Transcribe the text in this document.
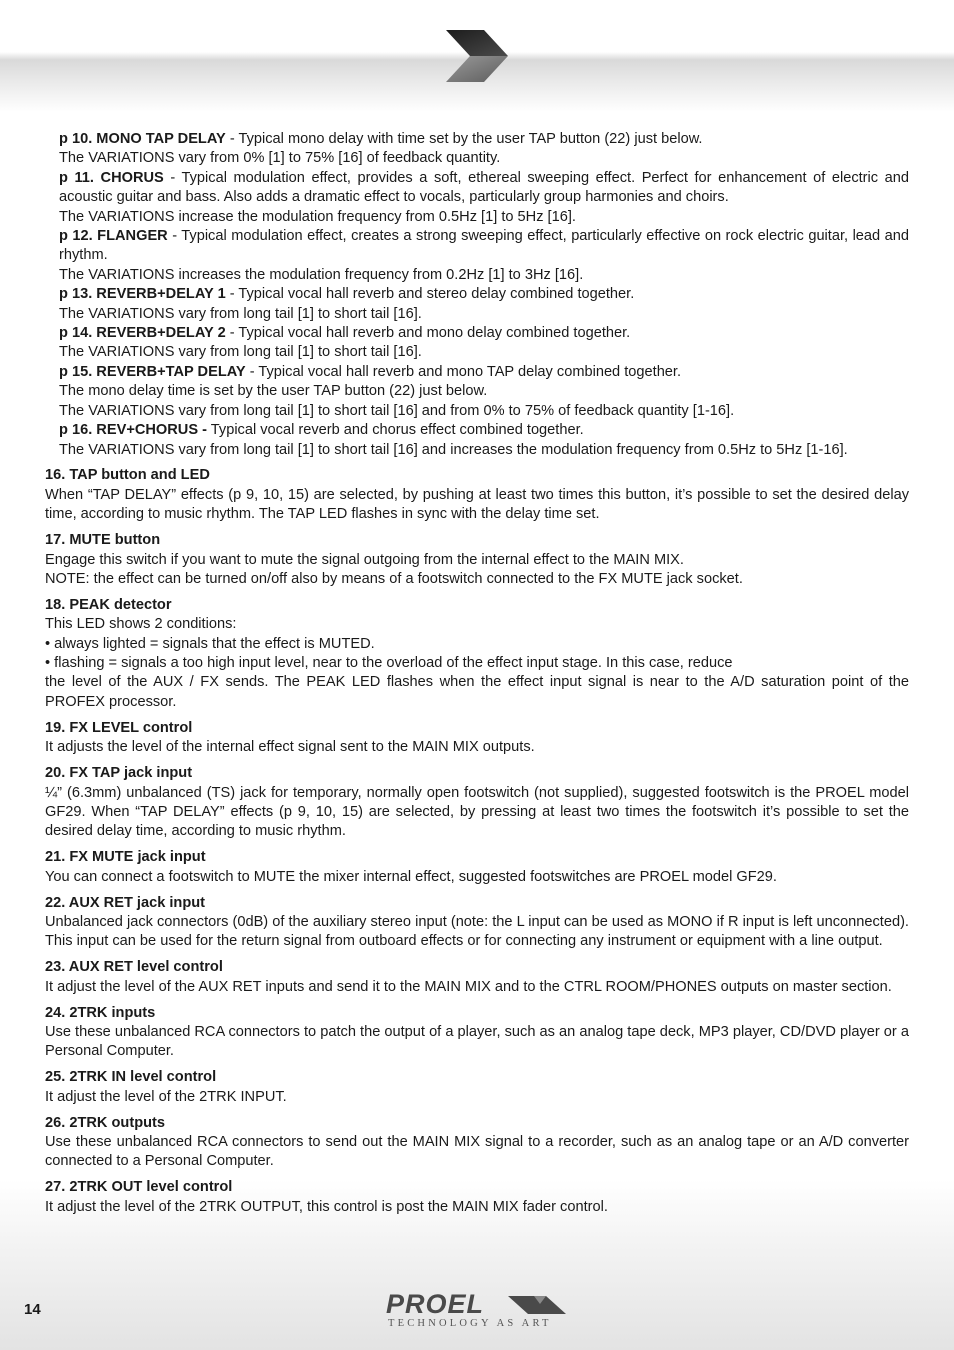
p 10. MONO TAP DELAY - Typical mono delay with time set by the user TAP button (22) just below.

The VARIATIONS vary from 0% [1] to 75% [16] of feedback quantity.

p 11. CHORUS - Typical modulation effect, provides a soft, ethereal sweeping effect. Perfect for enhancement of electric and acoustic guitar and bass. Also adds a dramatic effect to vocals, particularly group harmonies and choirs.

The VARIATIONS increase the modulation frequency from 0.5Hz [1] to 5Hz [16].

p 12. FLANGER - Typical modulation effect, creates a strong sweeping effect, particularly effective on rock electric guitar, lead and rhythm.

The VARIATIONS increases the modulation frequency from 0.2Hz [1] to 3Hz [16].

p 13. REVERB+DELAY 1 - Typical vocal hall reverb and stereo delay combined together.

The VARIATIONS vary from long tail [1] to short tail [16].

p 14. REVERB+DELAY 2 - Typical vocal hall reverb and mono delay combined together.

The VARIATIONS vary from long tail [1] to short tail [16].

p 15. REVERB+TAP DELAY - Typical vocal hall reverb and mono TAP delay combined together.

The mono delay time is set by the user TAP button (22) just below.

The VARIATIONS vary from long tail [1] to short tail [16] and from 0% to 75% of feedback quantity [1-16].

p 16. REV+CHORUS - Typical vocal reverb and chorus effect combined together.

The VARIATIONS vary from long tail [1] to short tail [16] and increases the modulation frequency from 0.5Hz to 5Hz [1-16].

16. TAP button and LED

When “TAP DELAY” effects (p 9, 10, 15) are selected, by pushing at least two times this button, it’s possible to set the desired delay time, according to music rhythm. The TAP LED flashes in sync with the delay time set.

17. MUTE button

Engage this switch if you want to mute the signal outgoing from the internal effect to the MAIN MIX.

NOTE: the effect can be turned on/off also by means of a footswitch connected to the FX MUTE jack socket.

18. PEAK detector

This LED shows 2 conditions:

• always lighted = signals that the effect is MUTED.

• flashing = signals a too high input level, near to the overload of the effect input stage. In this case, reduce

the level of the AUX / FX sends. The PEAK LED flashes when the effect input signal is near to the A/D saturation point of the PROFEX processor.

19. FX LEVEL control

It adjusts the level of the internal effect signal sent to the MAIN MIX outputs.

20. FX TAP jack input

¼” (6.3mm) unbalanced (TS) jack for temporary, normally open footswitch (not supplied), suggested footswitch is the PROEL model GF29. When “TAP DELAY” effects (p 9, 10, 15) are selected, by pressing at least two times the footswitch it’s possible to set the desired delay time, according to music rhythm.

21. FX MUTE jack input

You can connect a footswitch to MUTE the mixer internal effect, suggested footswitches are PROEL model GF29.

22. AUX RET jack input

Unbalanced jack connectors (0dB) of the auxiliary stereo input (note: the L input can be used as MONO if R input is left unconnected). This input can be used for the return signal from outboard effects or for connecting any instrument or equipment with a line output.

23. AUX RET level control

It adjust the level of the AUX RET inputs and send it to the MAIN MIX and to the CTRL ROOM/PHONES outputs on master section.

24. 2TRK inputs

Use these unbalanced RCA connectors to patch the output of a player, such as an analog tape deck, MP3 player, CD/DVD player or a Personal Computer.

25. 2TRK IN level control

It adjust the level of the 2TRK INPUT.

26. 2TRK outputs

Use these unbalanced RCA connectors to send out the MAIN MIX signal to a recorder, such as an analog tape or an A/D converter connected to a Personal Computer.

27. 2TRK OUT level control

It adjust the level of the 2TRK OUTPUT, this control is post the MAIN MIX fader control.

14	PROEL
TECHNOLOGY AS ART
